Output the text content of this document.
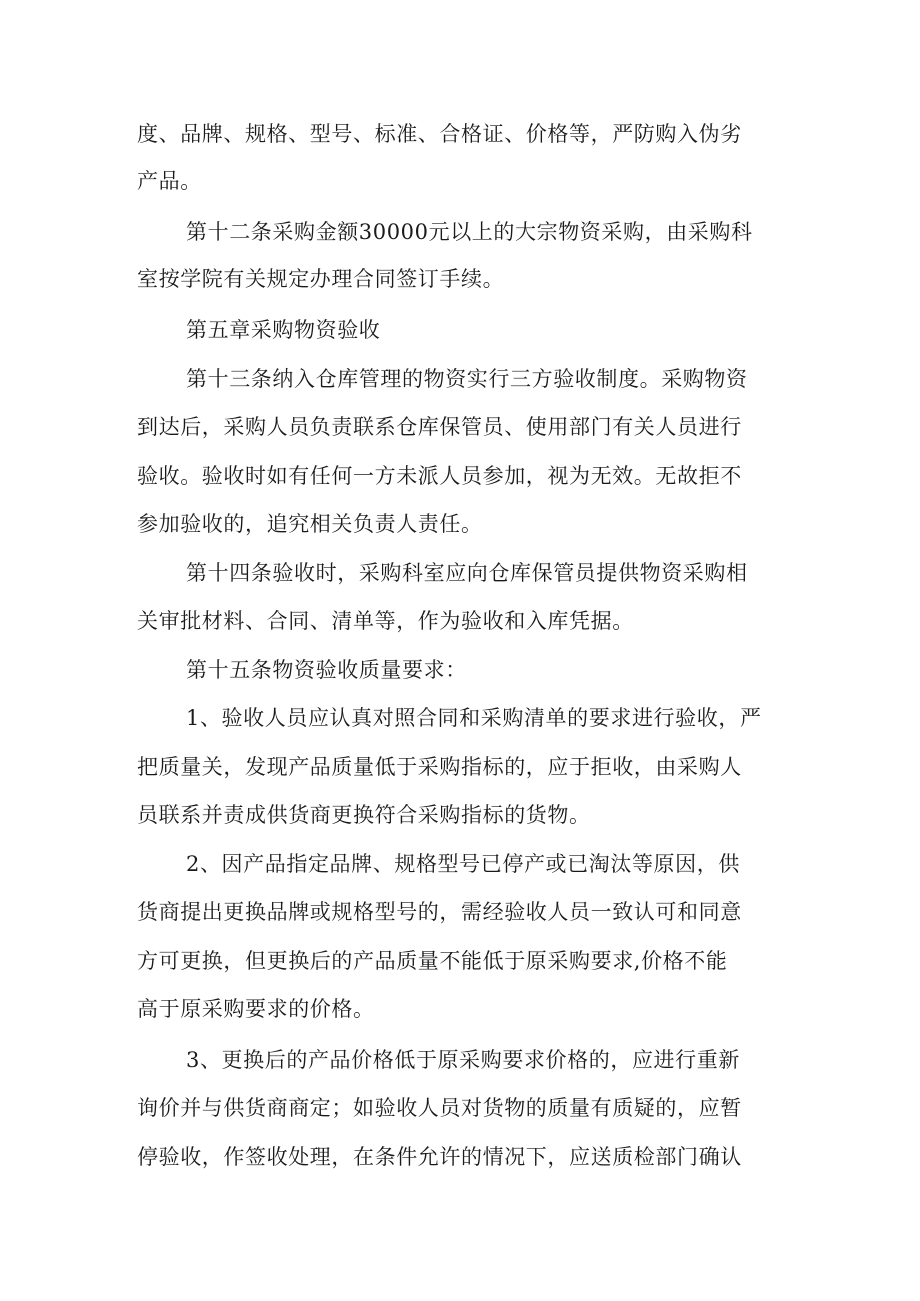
度、品牌、规格、型号、标准、合格证、价格等，严防购入伪劣
产品。
第十二条采购金额30000元以上的大宗物资采购，由采购科
室按学院有关规定办理合同签订手续。
第五章采购物资验收
第十三条纳入仓库管理的物资实行三方验收制度。采购物资
到达后，采购人员负责联系仓库保管员、使用部门有关人员进行
验收。验收时如有任何一方未派人员参加，视为无效。无故拒不
参加验收的，追究相关负责人责任。
第十四条验收时，采购科室应向仓库保管员提供物资采购相
关审批材料、合同、清单等，作为验收和入库凭据。
第十五条物资验收质量要求：
1、验收人员应认真对照合同和采购清单的要求进行验收，严
把质量关，发现产品质量低于采购指标的，应于拒收，由采购人
员联系并责成供货商更换符合采购指标的货物。
2、因产品指定品牌、规格型号已停产或已淘汰等原因，供
货商提出更换品牌或规格型号的，需经验收人员一致认可和同意
方可更换，但更换后的产品质量不能低于原采购要求,价格不能
高于原采购要求的价格。
3、更换后的产品价格低于原采购要求价格的，应进行重新
询价并与供货商商定；如验收人员对货物的质量有质疑的，应暂
停验收，作签收处理，在条件允许的情况下，应送质检部门确认
